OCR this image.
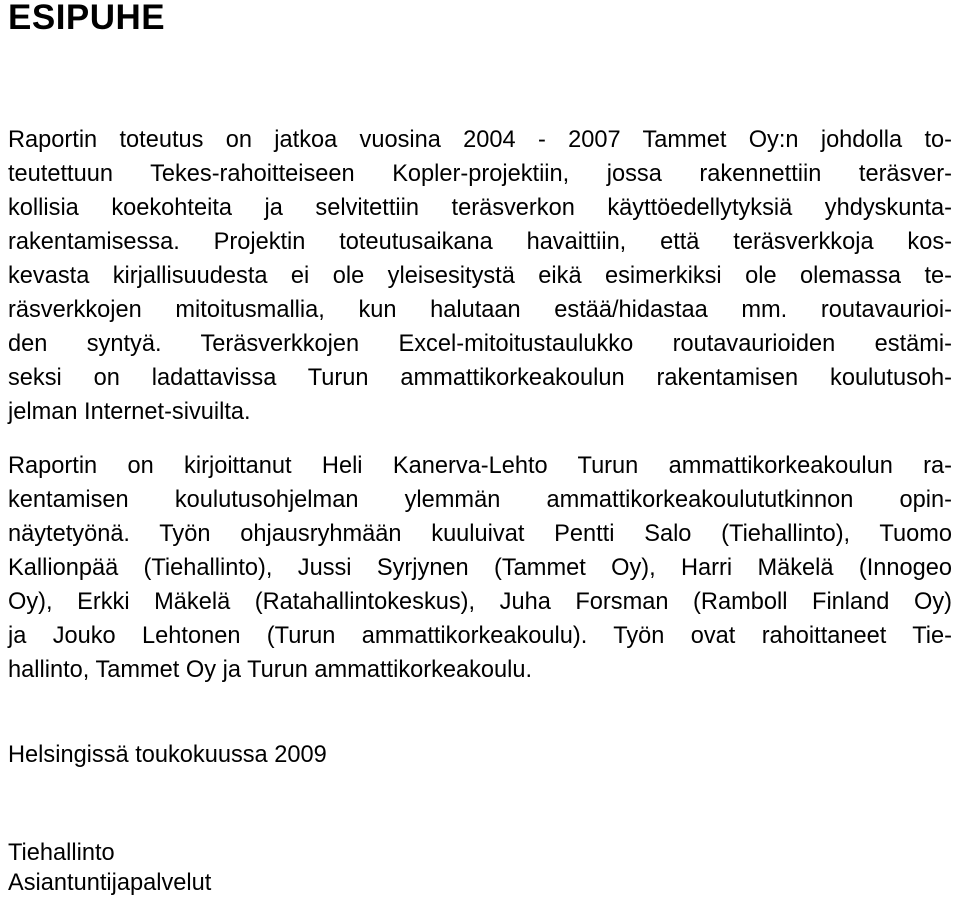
ESIPUHE
Raportin toteutus on jatkoa vuosina 2004 - 2007 Tammet Oy:n johdolla to-
teutettuun Tekes-rahoitteiseen Kopler-projektiin, jossa rakennettiin teräsver-
kollisia koekohteita ja selvitettiin teräsverkon käyttöedellytyksiä yhdyskunta-
rakentamisessa. Projektin toteutusaikana havaittiin, että teräsverkkoja kos-
kevasta kirjallisuudesta ei ole yleisesitystä eikä esimerkiksi ole olemassa te-
räsverkkojen mitoitusmallia, kun halutaan estää/hidastaa mm. routavaurioi-
den syntyä. Teräsverkkojen Excel-mitoitustaulukko routavaurioiden estämi-
seksi on ladattavissa Turun ammattikorkeakoulun rakentamisen koulutusoh-
jelman Internet-sivuilta.
Raportin on kirjoittanut Heli Kanerva-Lehto Turun ammattikorkeakoulun ra-
kentamisen koulutusohjelman ylemmän ammattikorkeakoulututkinnon opin-
näytetyönä. Työn ohjausryhmään kuuluivat Pentti Salo (Tiehallinto), Tuomo
Kallionpää (Tiehallinto), Jussi Syrjynen (Tammet Oy), Harri Mäkelä (Innogeo
Oy), Erkki Mäkelä (Ratahallintokeskus), Juha Forsman (Ramboll Finland Oy)
ja Jouko Lehtonen (Turun ammattikorkeakoulu). Työn ovat rahoittaneet Tie-
hallinto, Tammet Oy ja Turun ammattikorkeakoulu.
Helsingissä toukokuussa 2009
Tiehallinto
Asiantuntijapalvelut
